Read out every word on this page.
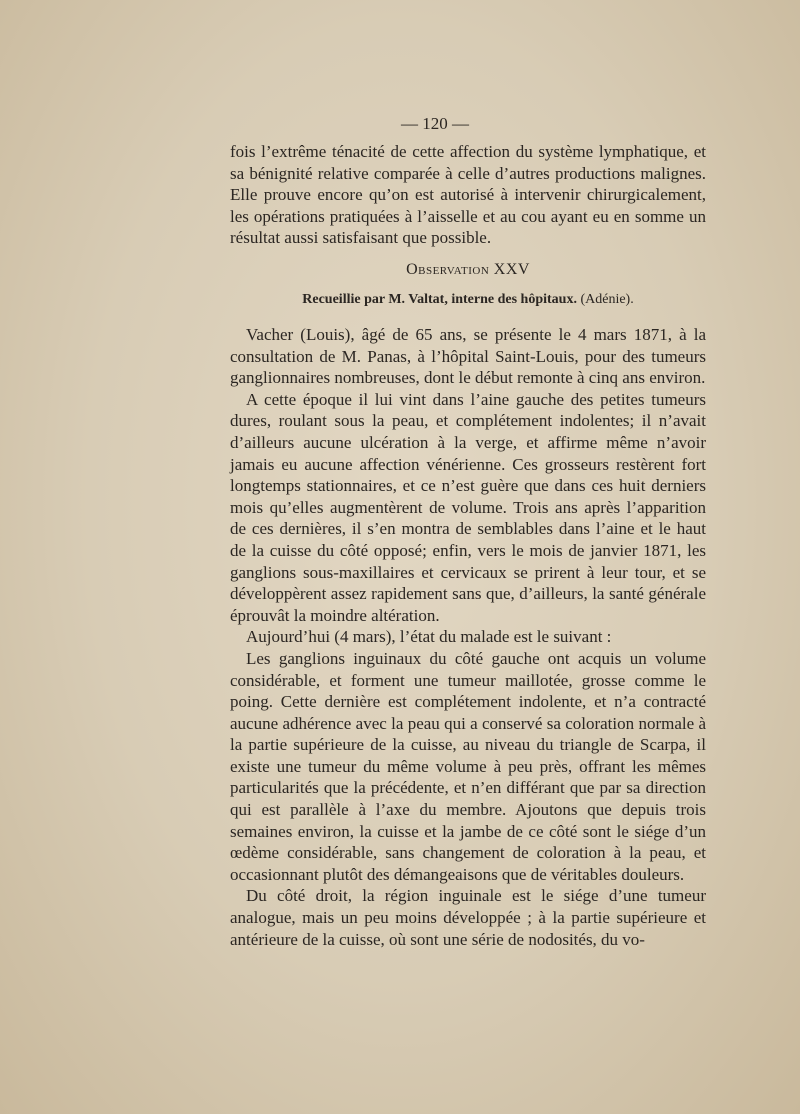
— 120 —

fois l’extrême ténacité de cette affection du système lymphatique, et sa bénignité relative comparée à celle d’autres productions malignes. Elle prouve encore qu’on est autorisé à intervenir chirurgicalement, les opérations pratiquées à l’aisselle et au cou ayant eu en somme un résultat aussi satisfaisant que possible.

Observation XXV
Recueillie par M. Valtat, interne des hôpitaux. (Adénie).

Vacher (Louis), âgé de 65 ans, se présente le 4 mars 1871, à la consultation de M. Panas, à l’hôpital Saint-Louis, pour des tumeurs ganglionnaires nombreuses, dont le début remonte à cinq ans environ.

A cette époque il lui vint dans l’aine gauche des petites tumeurs dures, roulant sous la peau, et complétement indolentes; il n’avait d’ailleurs aucune ulcération à la verge, et affirme même n’avoir jamais eu aucune affection vénérienne. Ces grosseurs restèrent fort longtemps stationnaires, et ce n’est guère que dans ces huit derniers mois qu’elles augmentèrent de volume. Trois ans après l’apparition de ces dernières, il s’en montra de semblables dans l’aine et le haut de la cuisse du côté opposé; enfin, vers le mois de janvier 1871, les ganglions sous-maxillaires et cervicaux se prirent à leur tour, et se développèrent assez rapidement sans que, d’ailleurs, la santé générale éprouvât la moindre altération.

Aujourd’hui (4 mars), l’état du malade est le suivant :

Les ganglions inguinaux du côté gauche ont acquis un volume considérable, et forment une tumeur maillotée, grosse comme le poing. Cette dernière est complétement indolente, et n’a contracté aucune adhérence avec la peau qui a conservé sa coloration normale à la partie supérieure de la cuisse, au niveau du triangle de Scarpa, il existe une tumeur du même volume à peu près, offrant les mêmes particularités que la précédente, et n’en différant que par sa direction qui est parallèle à l’axe du membre. Ajoutons que depuis trois semaines environ, la cuisse et la jambe de ce côté sont le siége d’un œdème considérable, sans changement de coloration à la peau, et occasionnant plutôt des démangeaisons que de véritables douleurs.

Du côté droit, la région inguinale est le siége d’une tumeur analogue, mais un peu moins développée ; à la partie supérieure et antérieure de la cuisse, où sont une série de nodosités, du vo-
